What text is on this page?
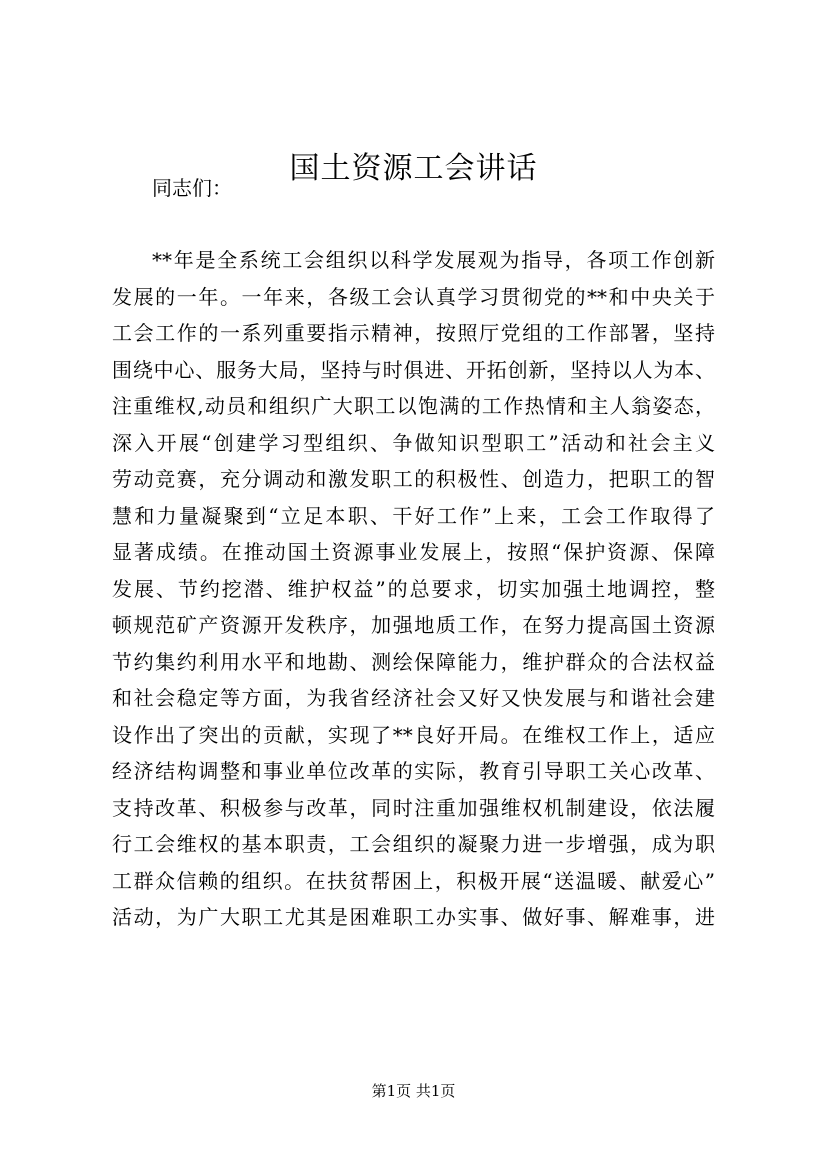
国土资源工会讲话
同志们：
**年是全系统工会组织以科学发展观为指导，各项工作创新
发展的一年。一年来，各级工会认真学习贯彻党的**和中央关于
工会工作的一系列重要指示精神，按照厅党组的工作部署，坚持
围绕中心、服务大局，坚持与时俱进、开拓创新，坚持以人为本、
注重维权,动员和组织广大职工以饱满的工作热情和主人翁姿态，
深入开展“创建学习型组织、争做知识型职工”活动和社会主义
劳动竞赛，充分调动和激发职工的积极性、创造力，把职工的智
慧和力量凝聚到“立足本职、干好工作”上来，工会工作取得了
显著成绩。在推动国土资源事业发展上，按照“保护资源、保障
发展、节约挖潜、维护权益”的总要求，切实加强土地调控，整
顿规范矿产资源开发秩序，加强地质工作，在努力提高国土资源
节约集约利用水平和地勘、测绘保障能力，维护群众的合法权益
和社会稳定等方面，为我省经济社会又好又快发展与和谐社会建
设作出了突出的贡献，实现了**良好开局。在维权工作上，适应
经济结构调整和事业单位改革的实际，教育引导职工关心改革、
支持改革、积极参与改革，同时注重加强维权机制建设，依法履
行工会维权的基本职责，工会组织的凝聚力进一步增强，成为职
工群众信赖的组织。在扶贫帮困上，积极开展“送温暖、献爱心”
活动，为广大职工尤其是困难职工办实事、做好事、解难事，进
第1页 共1页
